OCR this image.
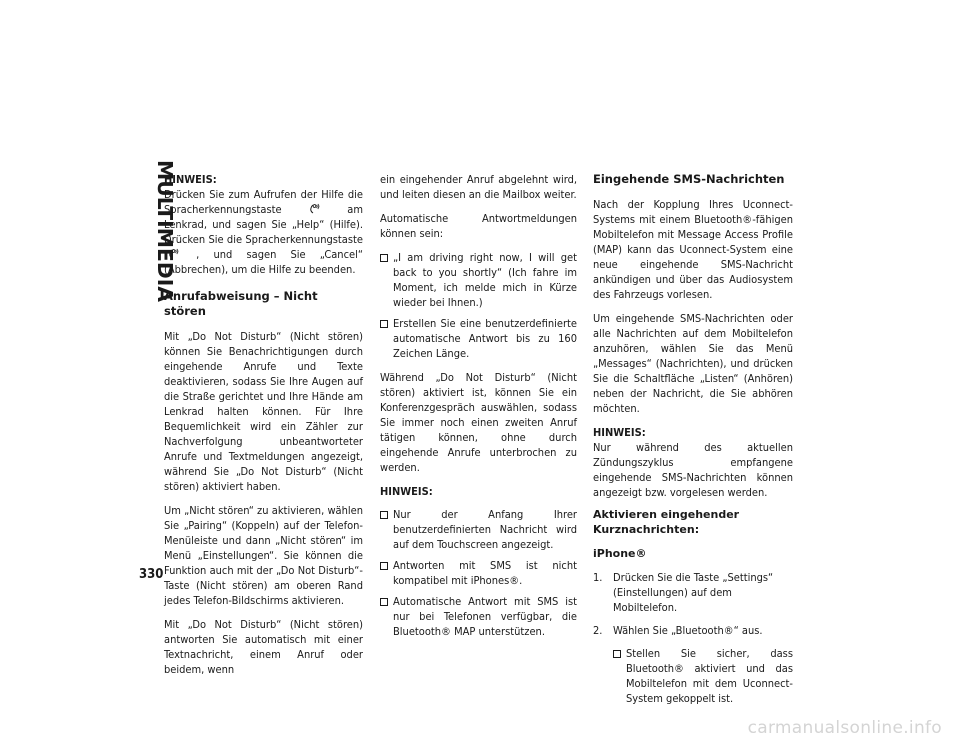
MULTIMEDIA
330
HINWEIS:

Drücken Sie zum Aufrufen der Hilfe die Spracherkennungstaste	am Lenkrad, und sagen Sie „Help“ (Hilfe). Drücken Sie die Spracherkennungstaste  , und sagen Sie „Cancel“ (Abbrechen), um die Hilfe zu beenden.

Anrufabweisung – Nicht stören

Mit „Do Not Disturb“ (Nicht stören) können Sie Benachrichtigungen durch eingehende Anrufe und Texte deaktivieren, sodass Sie Ihre Augen auf die Straße gerichtet und Ihre Hände am Lenkrad halten können. Für Ihre Bequemlichkeit wird ein Zähler zur Nachverfolgung unbeantworteter Anrufe und Textmeldungen angezeigt, während Sie „Do Not Disturb“ (Nicht stören) aktiviert haben.

Um „Nicht stören“ zu aktivieren, wählen Sie „Pairing“ (Koppeln) auf der Telefon-Menüleiste und dann „Nicht stören“ im Menü „Einstellungen“. Sie können die Funktion auch mit der „Do Not Disturb“-Taste (Nicht stören) am oberen Rand jedes Telefon-Bildschirms aktivieren.

Mit „Do Not Disturb“ (Nicht stören) antworten Sie automatisch mit einer Textnachricht, einem Anruf oder beidem, wenn

ein eingehender Anruf abgelehnt wird, und leiten diesen an die Mailbox weiter.

Automatische Antwortmeldungen können sein:

„I am driving right now, I will get back to you shortly“ (Ich fahre im Moment, ich melde mich in Kürze wieder bei Ihnen.)
Erstellen Sie eine benutzerdefinierte automatische Antwort bis zu 160 Zeichen Länge.

Während „Do Not Disturb“ (Nicht stören) aktiviert ist, können Sie ein Konferenzgespräch auswählen, sodass Sie immer noch einen zweiten Anruf tätigen können, ohne durch eingehende Anrufe unterbrochen zu werden.

HINWEIS:
Nur der Anfang Ihrer benutzerdefinierten Nachricht wird auf dem Touchscreen angezeigt.
Antworten mit SMS ist nicht kompatibel mit iPhones®.
Automatische Antwort mit SMS ist nur bei Telefonen verfügbar, die Bluetooth® MAP unterstützen.
Eingehende SMS-Nachrichten

Nach der Kopplung Ihres Uconnect-Systems mit einem Bluetooth®-fähigen Mobiltelefon mit Message Access Profile (MAP) kann das Uconnect-System eine neue eingehende SMS-Nachricht ankündigen und über das Audiosystem des Fahrzeugs vorlesen.

Um eingehende SMS-Nachrichten oder alle Nachrichten auf dem Mobiltelefon anzuhören, wählen Sie das Menü „Messages“ (Nachrichten), und drücken Sie die Schaltfläche „Listen“ (Anhören) neben der Nachricht, die Sie abhören möchten.

HINWEIS:

Nur während des aktuellen Zündungszyklus empfangene eingehende SMS-Nachrichten können angezeigt bzw. vorgelesen werden.

Aktivieren eingehender Kurznachrichten:
iPhone®
1. Drücken Sie die Taste „Settings“ (Einstellungen) auf dem Mobiltelefon.
2. Wählen Sie „Bluetooth®“ aus.
Stellen Sie sicher, dass Bluetooth® aktiviert und das Mobiltelefon mit dem Uconnect-System gekoppelt ist.
carmanualsonline.info
